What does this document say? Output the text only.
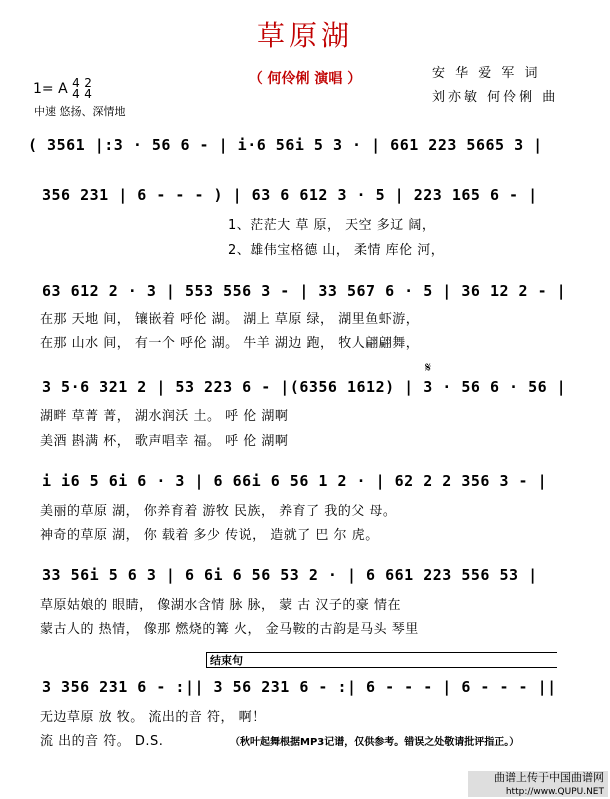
草原湖
（ 何伶俐 演唱 ）	安 华 爱 军 词
刘亦敏 何伶俐 曲
1= A 4
4 2
4
中速 悠扬、深情地
( 3561 |:3 · 56 6 - | i·6 56i 5 3 · | 661 223 5665 3 |
356 231 | 6 - - - ) | 63 6 612 3 · 5 | 223 165 6 - |
1、茫茫大 草 原， 天空 多辽 阔，
2、雄伟宝格德 山， 柔情 库伦 河，
63 612 2 · 3 | 553 556 3 - | 33 567 6 · 5 | 36 12 2 - |
在那 天地 间， 镶嵌着 呼伦 湖。 湖上 草原 绿， 湖里鱼虾游，
在那 山水 间， 有一个 呼伦 湖。 牛羊 湖边 跑， 牧人翩翩舞，
3 5·6 321 2 | 53 223 6 - |(6356 1612) | 3 · 56 6 · 56 |
湖畔 草菁 菁， 湖水润沃 土。 呼 伦 湖啊
美酒 斟满 杯， 歌声唱幸 福。 呼 伦 湖啊
𝄋
i i6 5 6i 6 · 3 | 6 66i 6 56 1 2 · | 62 2 2 356 3 - |
美丽的草原 湖， 你养育着 游牧 民族， 养育了 我的父 母。
神奇的草原 湖， 你 载着 多少 传说， 造就了 巴 尔 虎。
33 56i 5 6 3 | 6 6i 6 56 53 2 · | 6 661 223 556 53 |
草原姑娘的 眼睛， 像湖水含情 脉 脉， 蒙 古 汉子的豪 情在
蒙古人的 热情， 像那 燃烧的篝 火， 金马鞍的古韵是马头 琴里
结束句
3 356 231 6 - :|| 3 56 231 6 - :| 6 - - - | 6 - - - ||
无边草原 放 牧。 流出的音 符， 啊！
流 出的音 符。 D.S.	（秋叶起舞根据MP3记谱，仅供参考。错误之处敬请批评指正。）
曲谱上传于中国曲谱网
http://www.QUPU.NET
